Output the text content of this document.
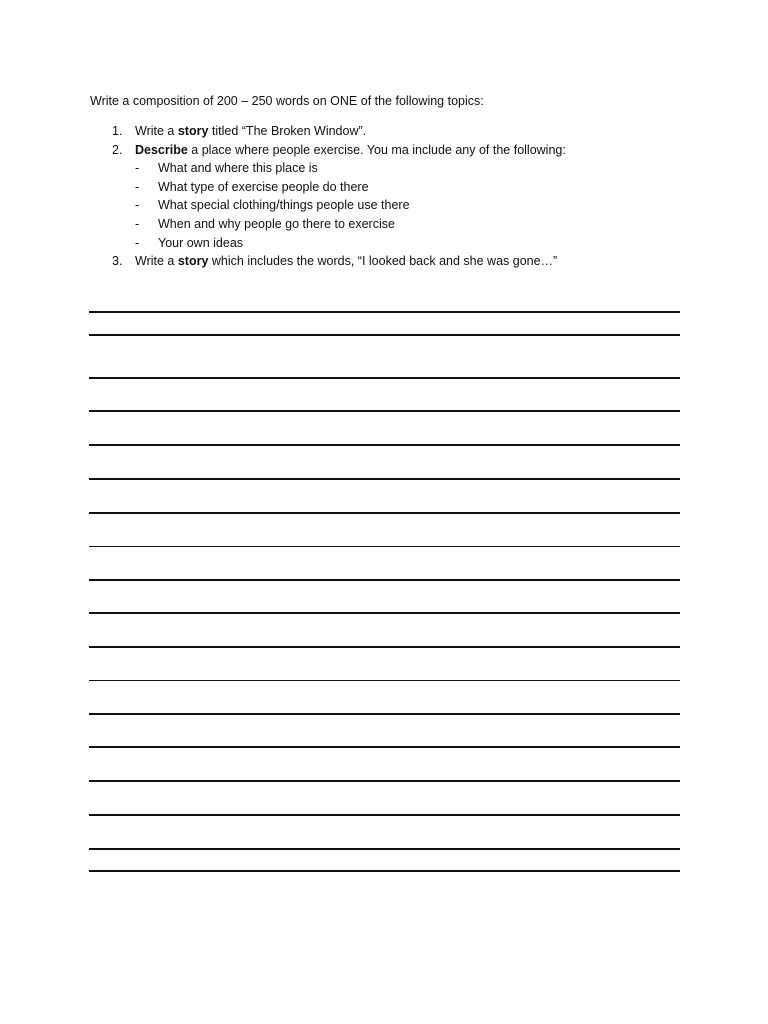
Write a composition of 200 – 250 words on ONE of the following topics:
1. Write a story titled “The Broken Window”.
2. Describe a place where people exercise. You ma include any of the following:
- What and where this place is
- What type of exercise people do there
- What special clothing/things people use there
- When and why people go there to exercise
- Your own ideas
3. Write a story which includes the words, “I looked back and she was gone…”
